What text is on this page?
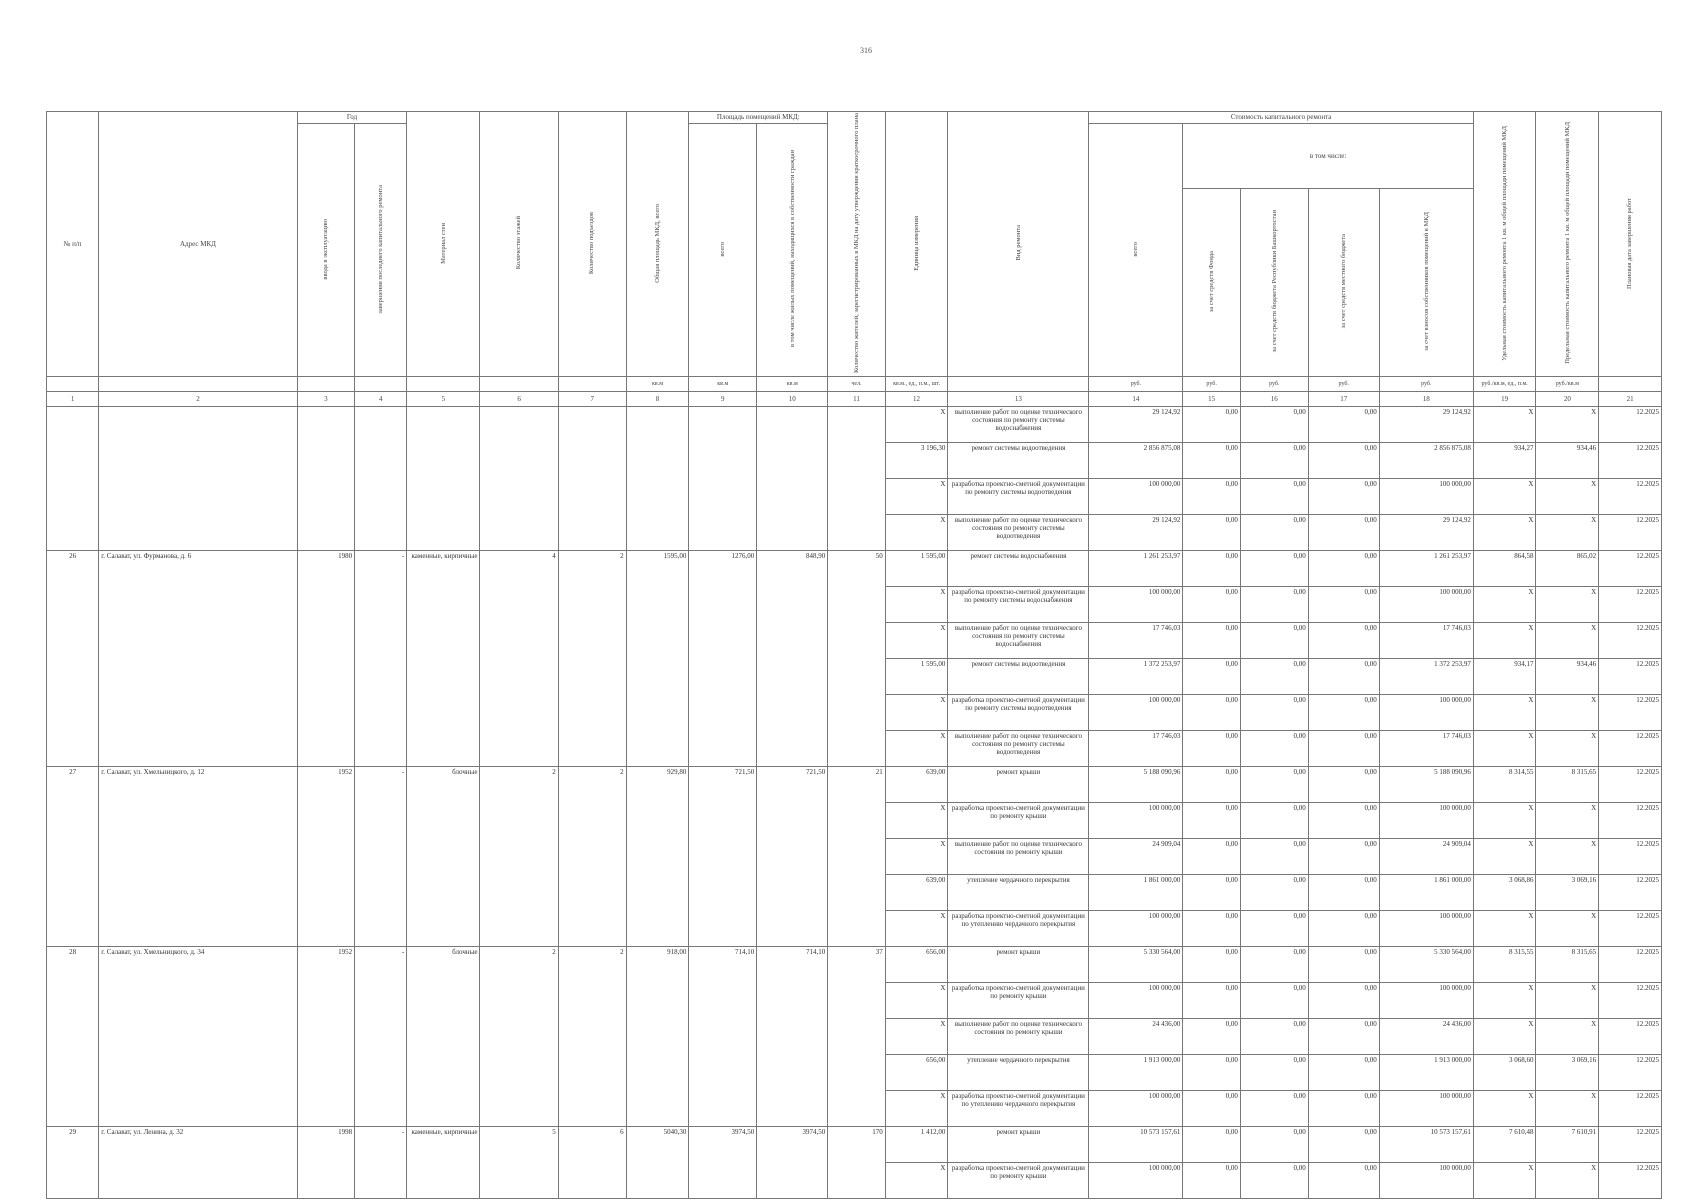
316
№ п/п	Адрес МКД	Год		Материал стен	Количество этажей	Количество подъездов	Общая площадь МКД, всего	Площадь помещений МКД:		Количество жителей, зарегистрированных в МКД на дату утверждения краткосрочного плана	Единица измерения	Вид ремонта	Стоимость капитального ремонта					Удельная стоимость капитального ремонта 1 кв. м общей площади помещений МКД	Предельная стоимость капитального ремонта 1 кв. м общей площади помещений МКД	Плановая дата завершения работ
		ввода в эксплуатацию	завершения последнего капитального ремонта					всего	в том числе жилых помещений, находящихся в собственности граждан				всего	в том числе:						
														за счет средств Фонда	за счет средств бюджета Республики Башкортостан	за счет средств местного бюджета	за счет взносов собственников помещений в МКД			
							кв.м	кв.м	кв.м	чел.	кв.м., ед., п.м., шт.		руб.	руб.	руб.	руб.	руб.	руб./кв.м, ед., п.м.	руб./кв.м	
1	2	3	4	5	6	7	8	9	10	11	12	13	14	15	16	17	18	19	20	21
											X	выполнение работ по оценке технического состояния по ремонту системы водоснабжения	29 124,92	0,00	0,00	0,00	29 124,92	X	X	12.2025
											3 196,30	ремонт системы водоотведения	2 856 875,08	0,00	0,00	0,00	2 856 875,08	934,27	934,46	12.2025
											X	разработка проектно-сметной документации по ремонту системы водоотведения	100 000,00	0,00	0,00	0,00	100 000,00	X	X	12.2025
											X	выполнение работ по оценке технического состояния по ремонту системы водоотведения	29 124,92	0,00	0,00	0,00	29 124,92	X	X	12.2025
26	г. Салават, ул. Фурманова, д. 6	1980	-	каменные, кирпичные	4	2	1595,00	1276,00	848,90	50	1 595,00	ремонт системы водоснабжения	1 261 253,97	0,00	0,00	0,00	1 261 253,97	864,58	865,02	12.2025
											X	разработка проектно-сметной документации по ремонту системы водоснабжения	100 000,00	0,00	0,00	0,00	100 000,00	X	X	12.2025
											X	выполнение работ по оценке технического состояния по ремонту системы водоснабжения	17 746,03	0,00	0,00	0,00	17 746,03	X	X	12.2025
											1 595,00	ремонт системы водоотведения	1 372 253,97	0,00	0,00	0,00	1 372 253,97	934,17	934,46	12.2025
											X	разработка проектно-сметной документации по ремонту системы водоотведения	100 000,00	0,00	0,00	0,00	100 000,00	X	X	12.2025
											X	выполнение работ по оценке технического состояния по ремонту системы водоотведения	17 746,03	0,00	0,00	0,00	17 746,03	X	X	12.2025
27	г. Салават, ул. Хмельницкого, д. 12	1952	-	блочные	2	2	929,80	721,50	721,50	21	639,00	ремонт крыши	5 188 090,96	0,00	0,00	0,00	5 188 090,96	8 314,55	8 315,65	12.2025
											X	разработка проектно-сметной документации по ремонту крыши	100 000,00	0,00	0,00	0,00	100 000,00	X	X	12.2025
											X	выполнение работ по оценке технического состояния по ремонту крыши	24 909,04	0,00	0,00	0,00	24 909,04	X	X	12.2025
											639,00	утепление чердачного перекрытия	1 861 000,00	0,00	0,00	0,00	1 861 000,00	3 068,86	3 069,16	12.2025
											X	разработка проектно-сметной документации по утеплению чердачного перекрытия	100 000,00	0,00	0,00	0,00	100 000,00	X	X	12.2025
28	г. Салават, ул. Хмельницкого, д. 34	1952	-	блочные	2	2	918,00	714,10	714,10	37	656,00	ремонт крыши	5 330 564,00	0,00	0,00	0,00	5 330 564,00	8 315,55	8 315,65	12.2025
											X	разработка проектно-сметной документации по ремонту крыши	100 000,00	0,00	0,00	0,00	100 000,00	X	X	12.2025
											X	выполнение работ по оценке технического состояния по ремонту крыши	24 436,00	0,00	0,00	0,00	24 436,00	X	X	12.2025
											656,00	утепление чердачного перекрытия	1 913 000,00	0,00	0,00	0,00	1 913 000,00	3 068,60	3 069,16	12.2025
											X	разработка проектно-сметной документации по утеплению чердачного перекрытия	100 000,00	0,00	0,00	0,00	100 000,00	X	X	12.2025
29	г. Салават, ул. Ленина, д. 32	1998	-	каменные, кирпичные	5	6	5040,30	3974,50	3974,50	170	1 412,00	ремонт крыши	10 573 157,61	0,00	0,00	0,00	10 573 157,61	7 610,48	7 610,91	12.2025
											X	разработка проектно-сметной документации по ремонту крыши	100 000,00	0,00	0,00	0,00	100 000,00	X	X	12.2025
